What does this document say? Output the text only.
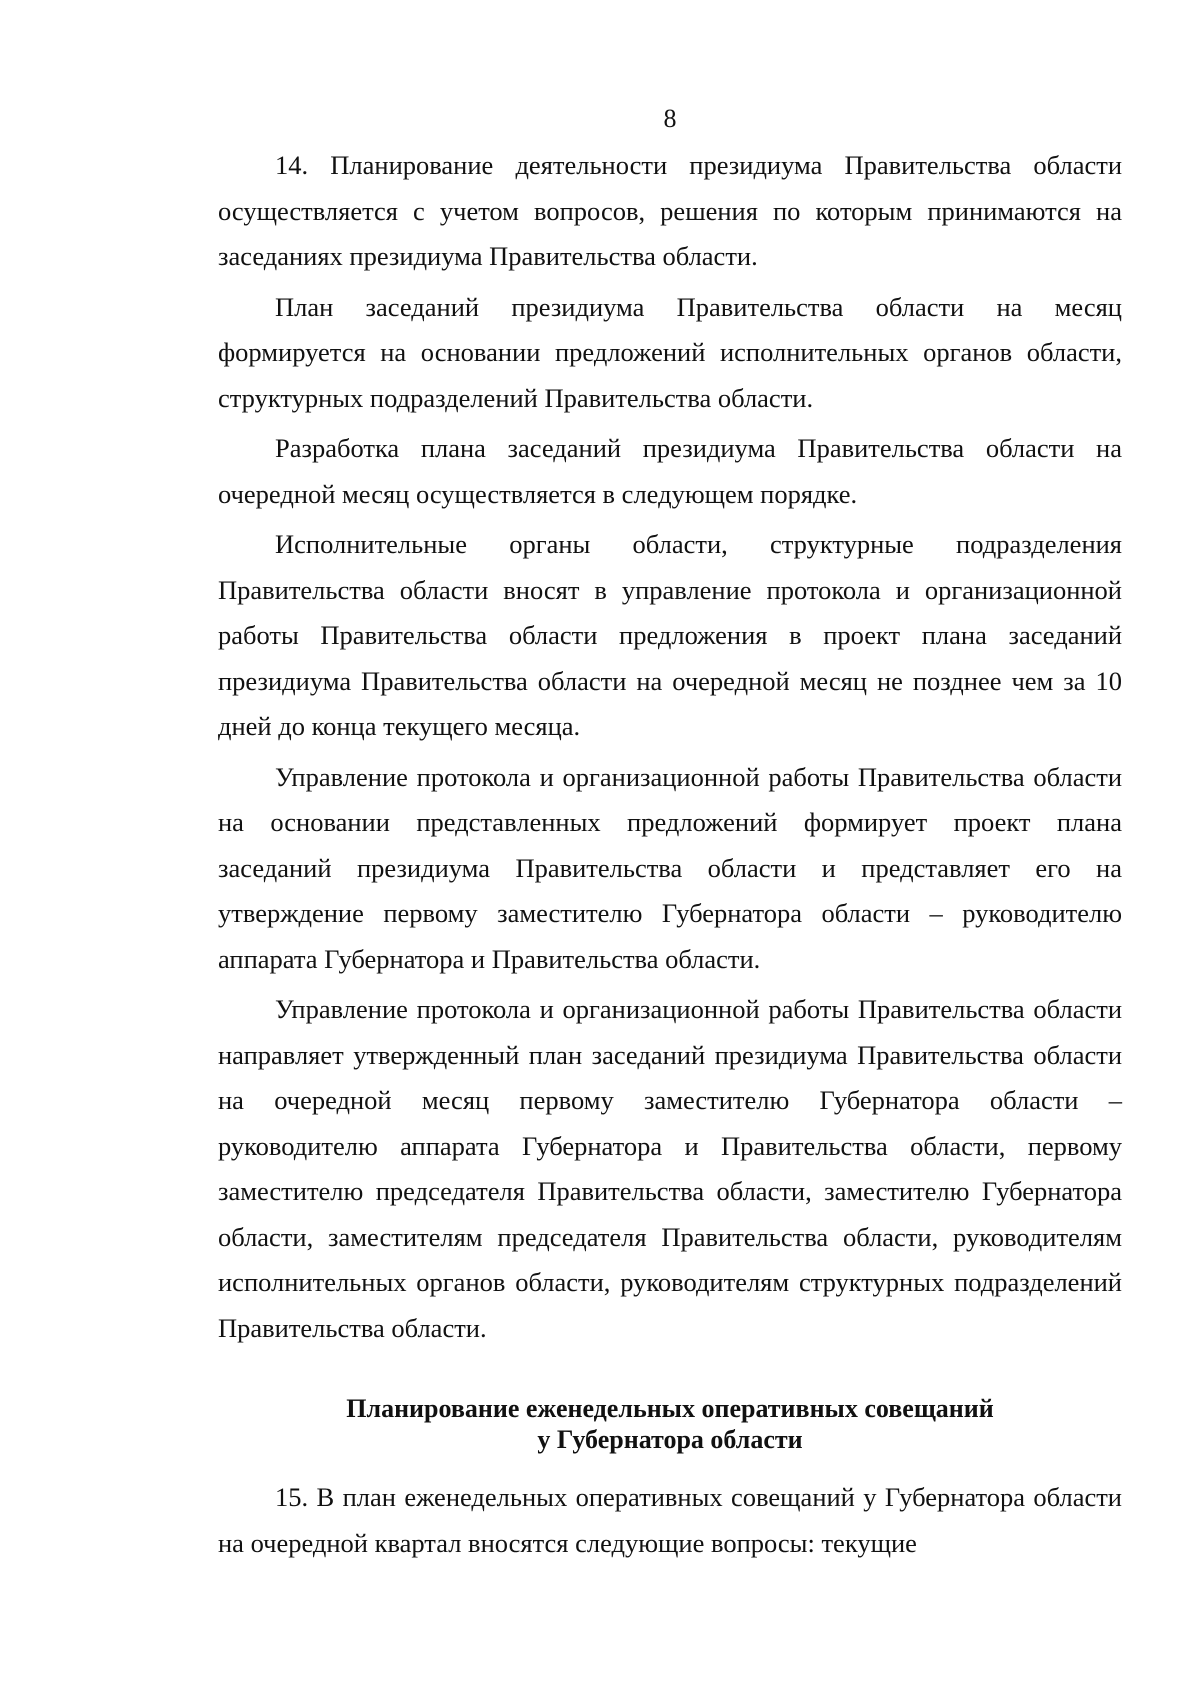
8

14. Планирование деятельности президиума Правительства области осуществляется с учетом вопросов, решения по которым принимаются на заседаниях президиума Правительства области.

План заседаний президиума Правительства области на месяц формируется на основании предложений исполнительных органов области, структурных подразделений Правительства области.

Разработка плана заседаний президиума Правительства области на очередной месяц осуществляется в следующем порядке.

Исполнительные органы области, структурные подразделения Правительства области вносят в управление протокола и организационной работы Правительства области предложения в проект плана заседаний президиума Правительства области на очередной месяц не позднее чем за 10 дней до конца текущего месяца.

Управление протокола и организационной работы Правительства области на основании представленных предложений формирует проект плана заседаний президиума Правительства области и представляет его на утверждение первому заместителю Губернатора области – руководителю аппарата Губернатора и Правительства области.

Управление протокола и организационной работы Правительства области направляет утвержденный план заседаний президиума Правительства области на очередной месяц первому заместителю Губернатора области – руководителю аппарата Губернатора и Правительства области, первому заместителю председателя Правительства области, заместителю Губернатора области, заместителям председателя Правительства области, руководителям исполнительных органов области, руководителям структурных подразделений Правительства области.

Планирование еженедельных оперативных совещаний
у Губернатора области

15. В план еженедельных оперативных совещаний у Губернатора области на очередной квартал вносятся следующие вопросы: текущие
